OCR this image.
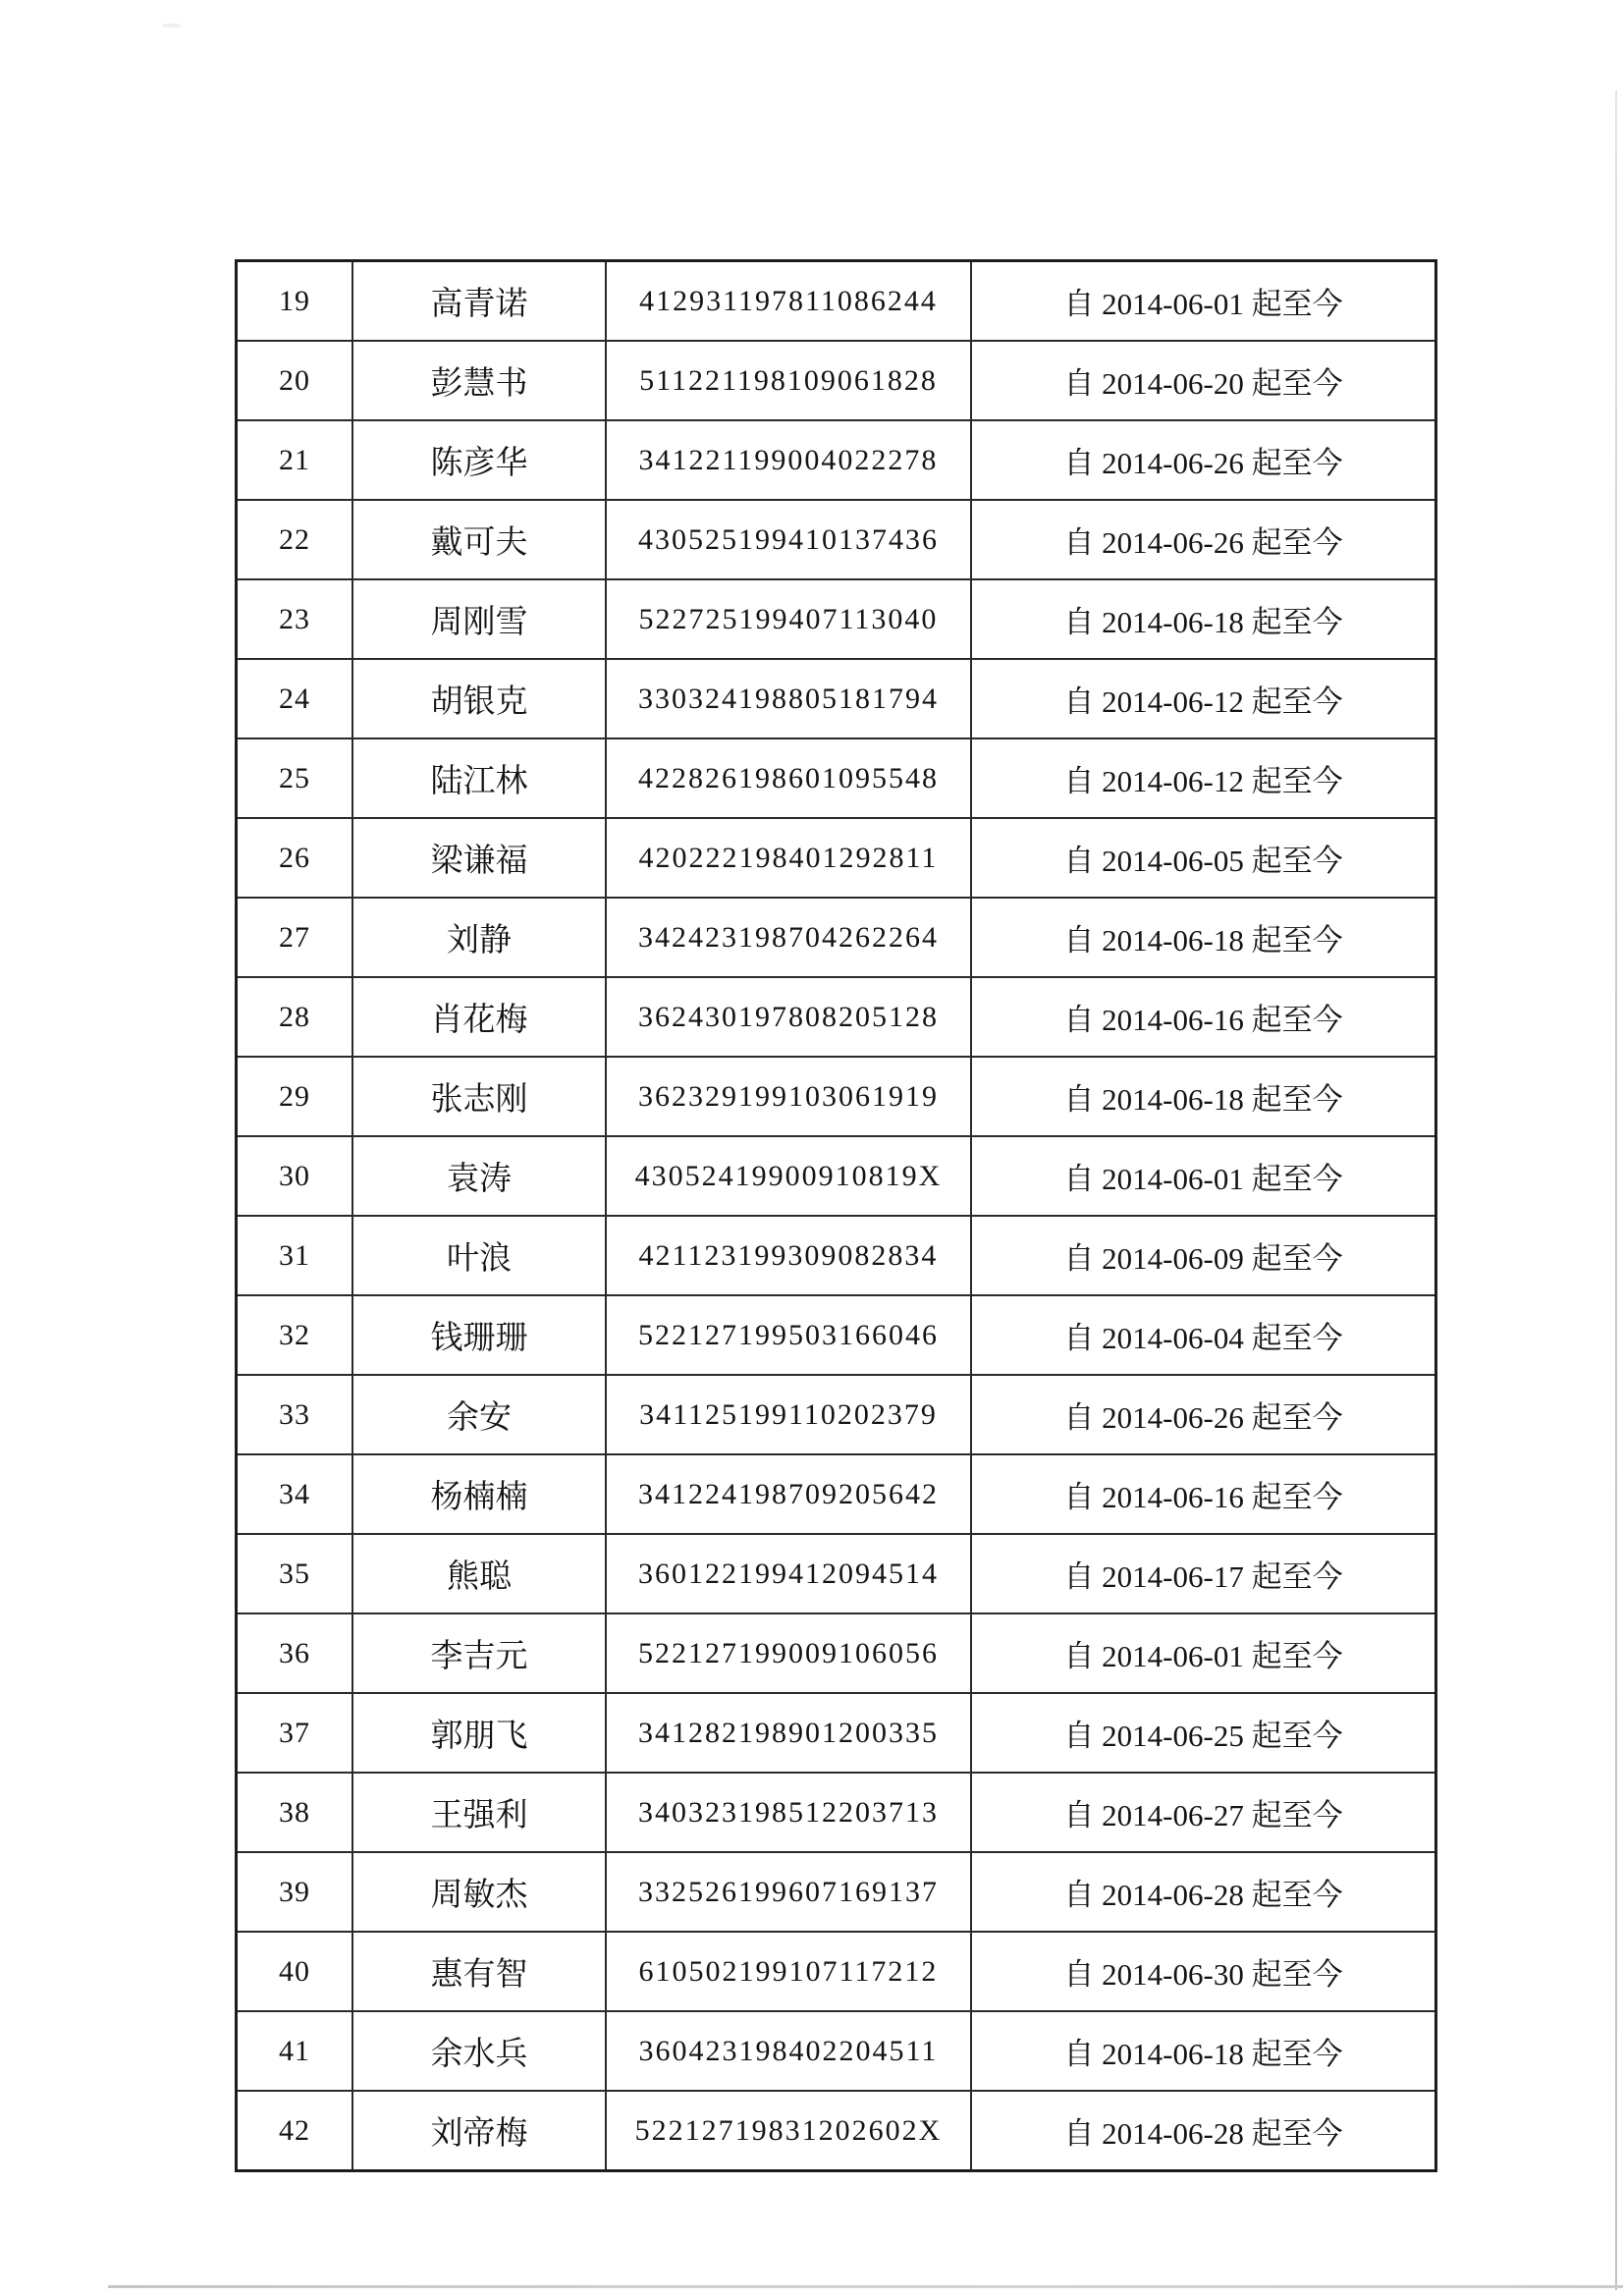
19	高青诺	412931197811086244	自 2014-06-01 起至今
20	彭慧书	511221198109061828	自 2014-06-20 起至今
21	陈彦华	341221199004022278	自 2014-06-26 起至今
22	戴可夫	430525199410137436	自 2014-06-26 起至今
23	周刚雪	522725199407113040	自 2014-06-18 起至今
24	胡银克	330324198805181794	自 2014-06-12 起至今
25	陆江林	422826198601095548	自 2014-06-12 起至今
26	梁谦福	420222198401292811	自 2014-06-05 起至今
27	刘静	342423198704262264	自 2014-06-18 起至今
28	肖花梅	362430197808205128	自 2014-06-16 起至今
29	张志刚	362329199103061919	自 2014-06-18 起至今
30	袁涛	43052419900910819X	自 2014-06-01 起至今
31	叶浪	421123199309082834	自 2014-06-09 起至今
32	钱珊珊	522127199503166046	自 2014-06-04 起至今
33	余安	341125199110202379	自 2014-06-26 起至今
34	杨楠楠	341224198709205642	自 2014-06-16 起至今
35	熊聪	360122199412094514	自 2014-06-17 起至今
36	李吉元	522127199009106056	自 2014-06-01 起至今
37	郭朋飞	341282198901200335	自 2014-06-25 起至今
38	王强利	340323198512203713	自 2014-06-27 起至今
39	周敏杰	332526199607169137	自 2014-06-28 起至今
40	惠有智	610502199107117212	自 2014-06-30 起至今
41	余水兵	360423198402204511	自 2014-06-18 起至今
42	刘帝梅	52212719831202602X	自 2014-06-28 起至今
